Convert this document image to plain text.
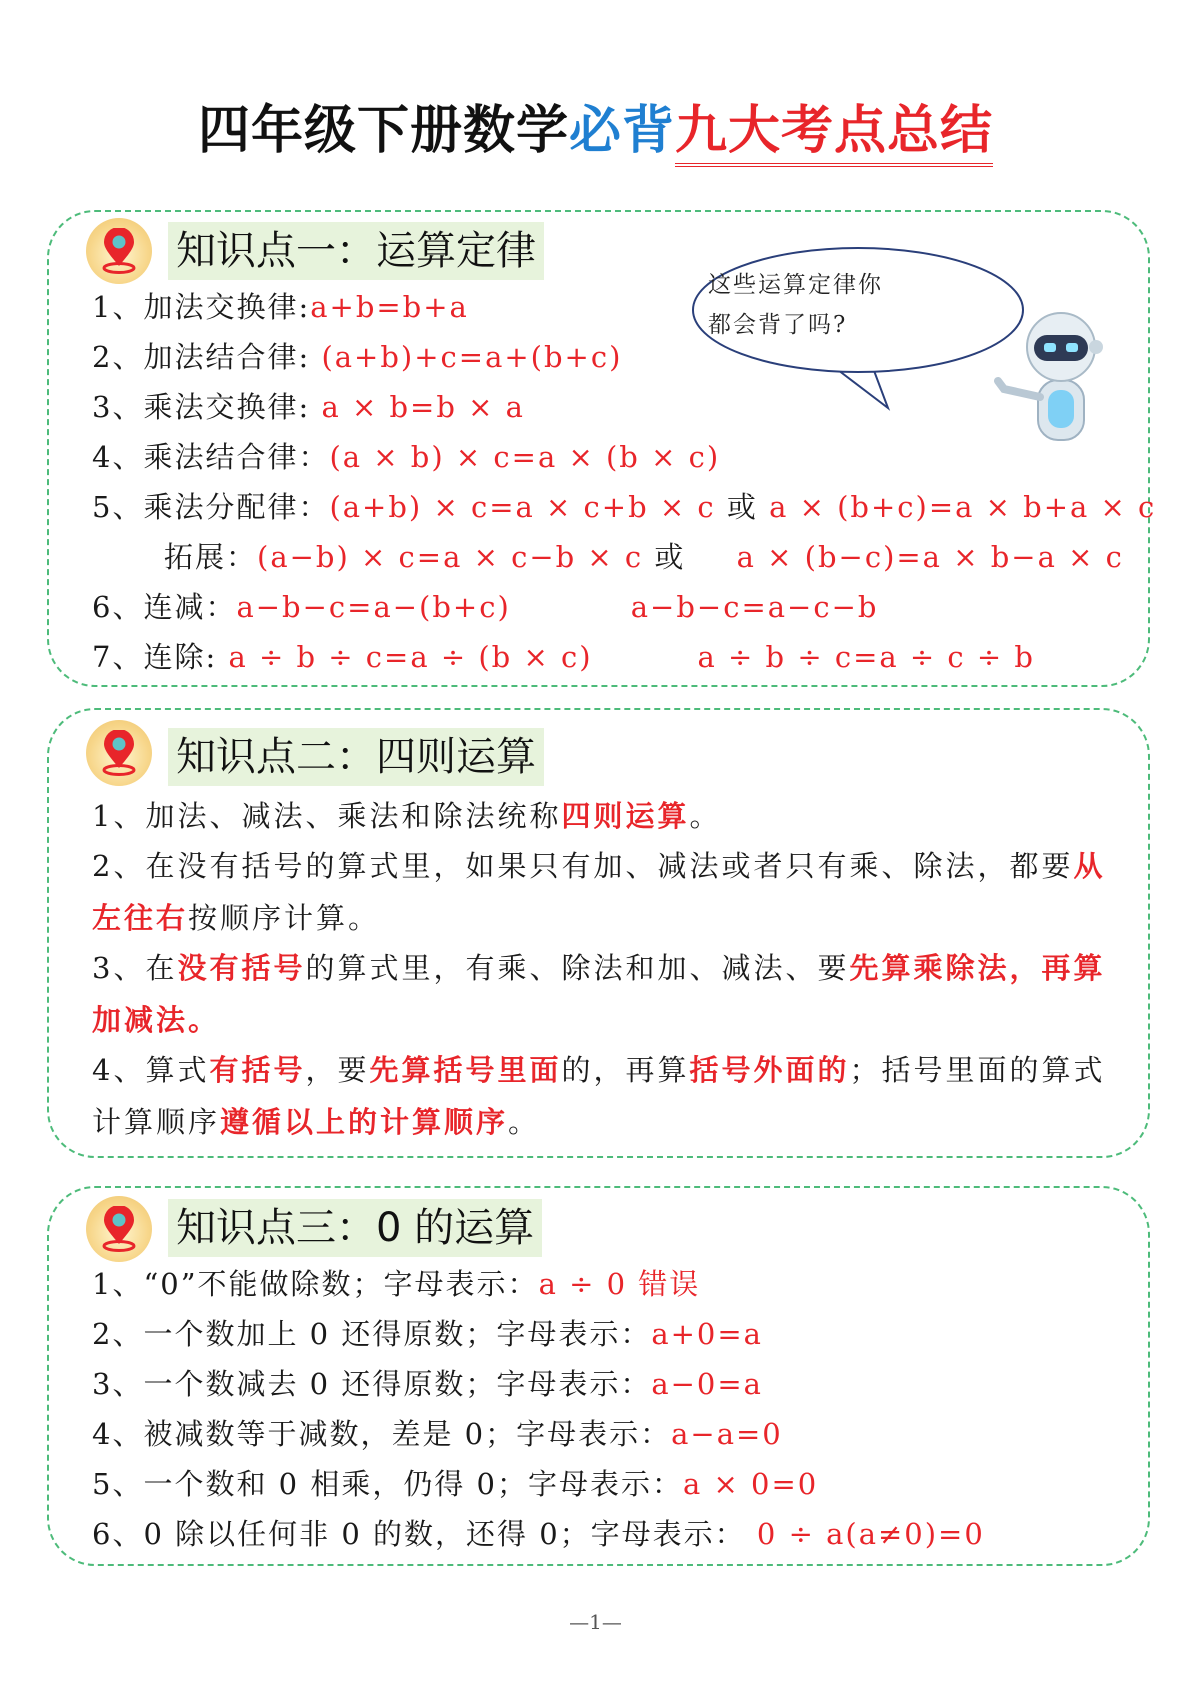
四年级下册数学必背九大考点总结
知识点一：运算定律
这些运算定律你
都会背了吗?
1、加法交换律:a+b=b+a
2、加法结合律: (a+b)+c=a+(b+c)
3、乘法交换律: a × b=b × a
4、乘法结合律：(a × b) × c=a × (b × c)
5、乘法分配律：(a+b) × c=a × c+b × c 或 a × (b+c)=a × b+a × c
拓展：(a−b) × c=a × c−b × c 或 a × (b−c)=a × b−a × c
6、连减：a−b−c=a−(b+c)	a−b−c=a−c−b
7、连除: a ÷ b ÷ c=a ÷ (b × c)	a ÷ b ÷ c=a ÷ c ÷ b
知识点二：四则运算
1、加法、减法、乘法和除法统称四则运算。
2、在没有括号的算式里，如果只有加、减法或者只有乘、除法，都要从左往右按顺序计算。
3、在没有括号的算式里，有乘、除法和加、减法、要先算乘除法，再算加减法。
4、算式有括号，要先算括号里面的，再算括号外面的；括号里面的算式计算顺序遵循以上的计算顺序。
知识点三：0 的运算
1、“0”不能做除数；字母表示：a ÷ 0 错误
2、一个数加上 0 还得原数；字母表示：a+0=a
3、一个数减去 0 还得原数；字母表示：a−0=a
4、被减数等于减数，差是 0；字母表示：a−a=0
5、一个数和 0 相乘，仍得 0；字母表示：a × 0=0
6、0 除以任何非 0 的数，还得 0；字母表示： 0 ÷ a(a≠0)=0
—1—
